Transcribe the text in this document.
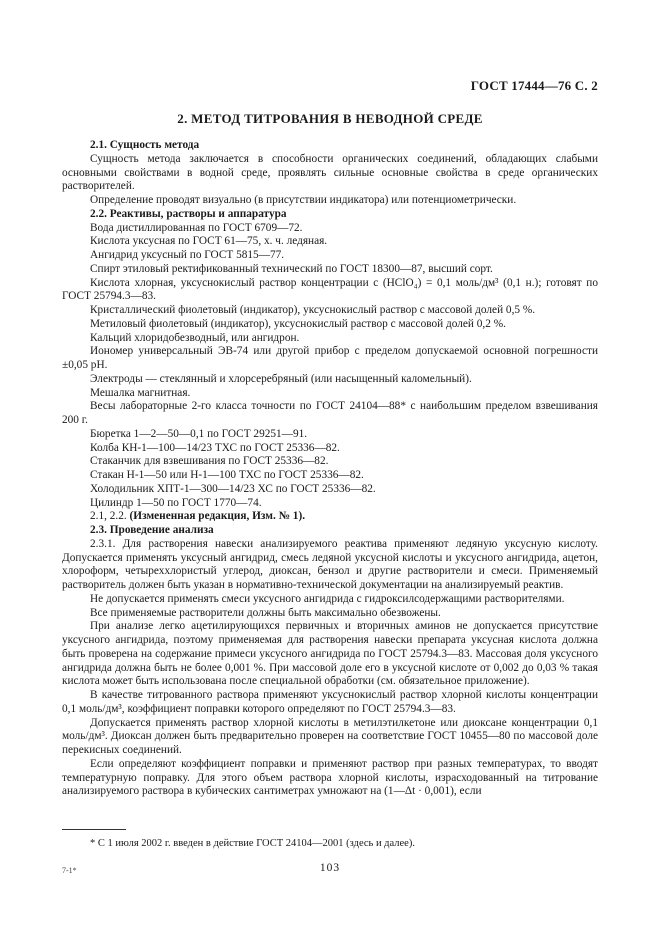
ГОСТ 17444—76 С. 2
2. МЕТОД ТИТРОВАНИЯ В НЕВОДНОЙ СРЕДЕ

2.1. Сущность метода

Сущность метода заключается в способности органических соединений, обладающих слабыми основными свойствами в водной среде, проявлять сильные основные свойства в среде органических растворителей.

Определение проводят визуально (в присутствии индикатора) или потенциометрически.

2.2. Реактивы, растворы и аппаратура

Вода дистиллированная по ГОСТ 6709—72.

Кислота уксусная по ГОСТ 61—75, х. ч. ледяная.

Ангидрид уксусный по ГОСТ 5815—77.

Спирт этиловый ректификованный технический по ГОСТ 18300—87, высший сорт.

Кислота хлорная, уксуснокислый раствор концентрации c (HClO₄) = 0,1 моль/дм³ (0,1 н.); готовят по ГОСТ 25794.3—83.

Кристаллический фиолетовый (индикатор), уксуснокислый раствор с массовой долей 0,5 %.

Метиловый фиолетовый (индикатор), уксуснокислый раствор с массовой долей 0,2 %.

Кальций хлоридобезводный, или ангидрон.

Иономер универсальный ЭВ-74 или другой прибор с пределом допускаемой основной погрешности ±0,05 рН.

Электроды — стеклянный и хлорсеребряный (или насыщенный каломельный).

Мешалка магнитная.

Весы лабораторные 2-го класса точности по ГОСТ 24104—88* с наибольшим пределом взвешивания 200 г.

Бюретка 1—2—50—0,1 по ГОСТ 29251—91.

Колба КН-1—100—14/23 ТХС по ГОСТ 25336—82.

Стаканчик для взвешивания по ГОСТ 25336—82.

Стакан Н-1—50 или Н-1—100 ТХС по ГОСТ 25336—82.

Холодильник ХПТ-1—300—14/23 ХС по ГОСТ 25336—82.

Цилиндр 1—50 по ГОСТ 1770—74.

2.1, 2.2. (Измененная редакция, Изм. № 1).

2.3. Проведение анализа

2.3.1. Для растворения навески анализируемого реактива применяют ледяную уксусную кислоту. Допускается применять уксусный ангидрид, смесь ледяной уксусной кислоты и уксусного ангидрида, ацетон, хлороформ, четыреххлористый углерод, диоксан, бензол и другие растворители и смеси. Применяемый растворитель должен быть указан в нормативно-технической документации на анализируемый реактив.

Не допускается применять смеси уксусного ангидрида с гидроксилсодержащими растворителями.

Все применяемые растворители должны быть максимально обезвожены.

При анализе легко ацетилирующихся первичных и вторичных аминов не допускается присутствие уксусного ангидрида, поэтому применяемая для растворения навески препарата уксусная кислота должна быть проверена на содержание примеси уксусного ангидрида по ГОСТ 25794.3—83. Массовая доля уксусного ангидрида должна быть не более 0,001 %. При массовой доле его в уксусной кислоте от 0,002 до 0,03 % такая кислота может быть использована после специальной обработки (см. обязательное приложение).

В качестве титрованного раствора применяют уксуснокислый раствор хлорной кислоты концентрации 0,1 моль/дм³, коэффициент поправки которого определяют по ГОСТ 25794.3—83.

Допускается применять раствор хлорной кислоты в метилэтилкетоне или диоксане концентрации 0,1 моль/дм³. Диоксан должен быть предварительно проверен на соответствие ГОСТ 10455—80 по массовой доле перекисных соединений.

Если определяют коэффициент поправки и применяют раствор при разных температурах, то вводят температурную поправку. Для этого объем раствора хлорной кислоты, израсходованный на титрование анализируемого раствора в кубических сантиметрах умножают на (1—Δt · 0,001), если

* С 1 июля 2002 г. введен в действие ГОСТ 24104—2001 (здесь и далее).
7-1*	103
